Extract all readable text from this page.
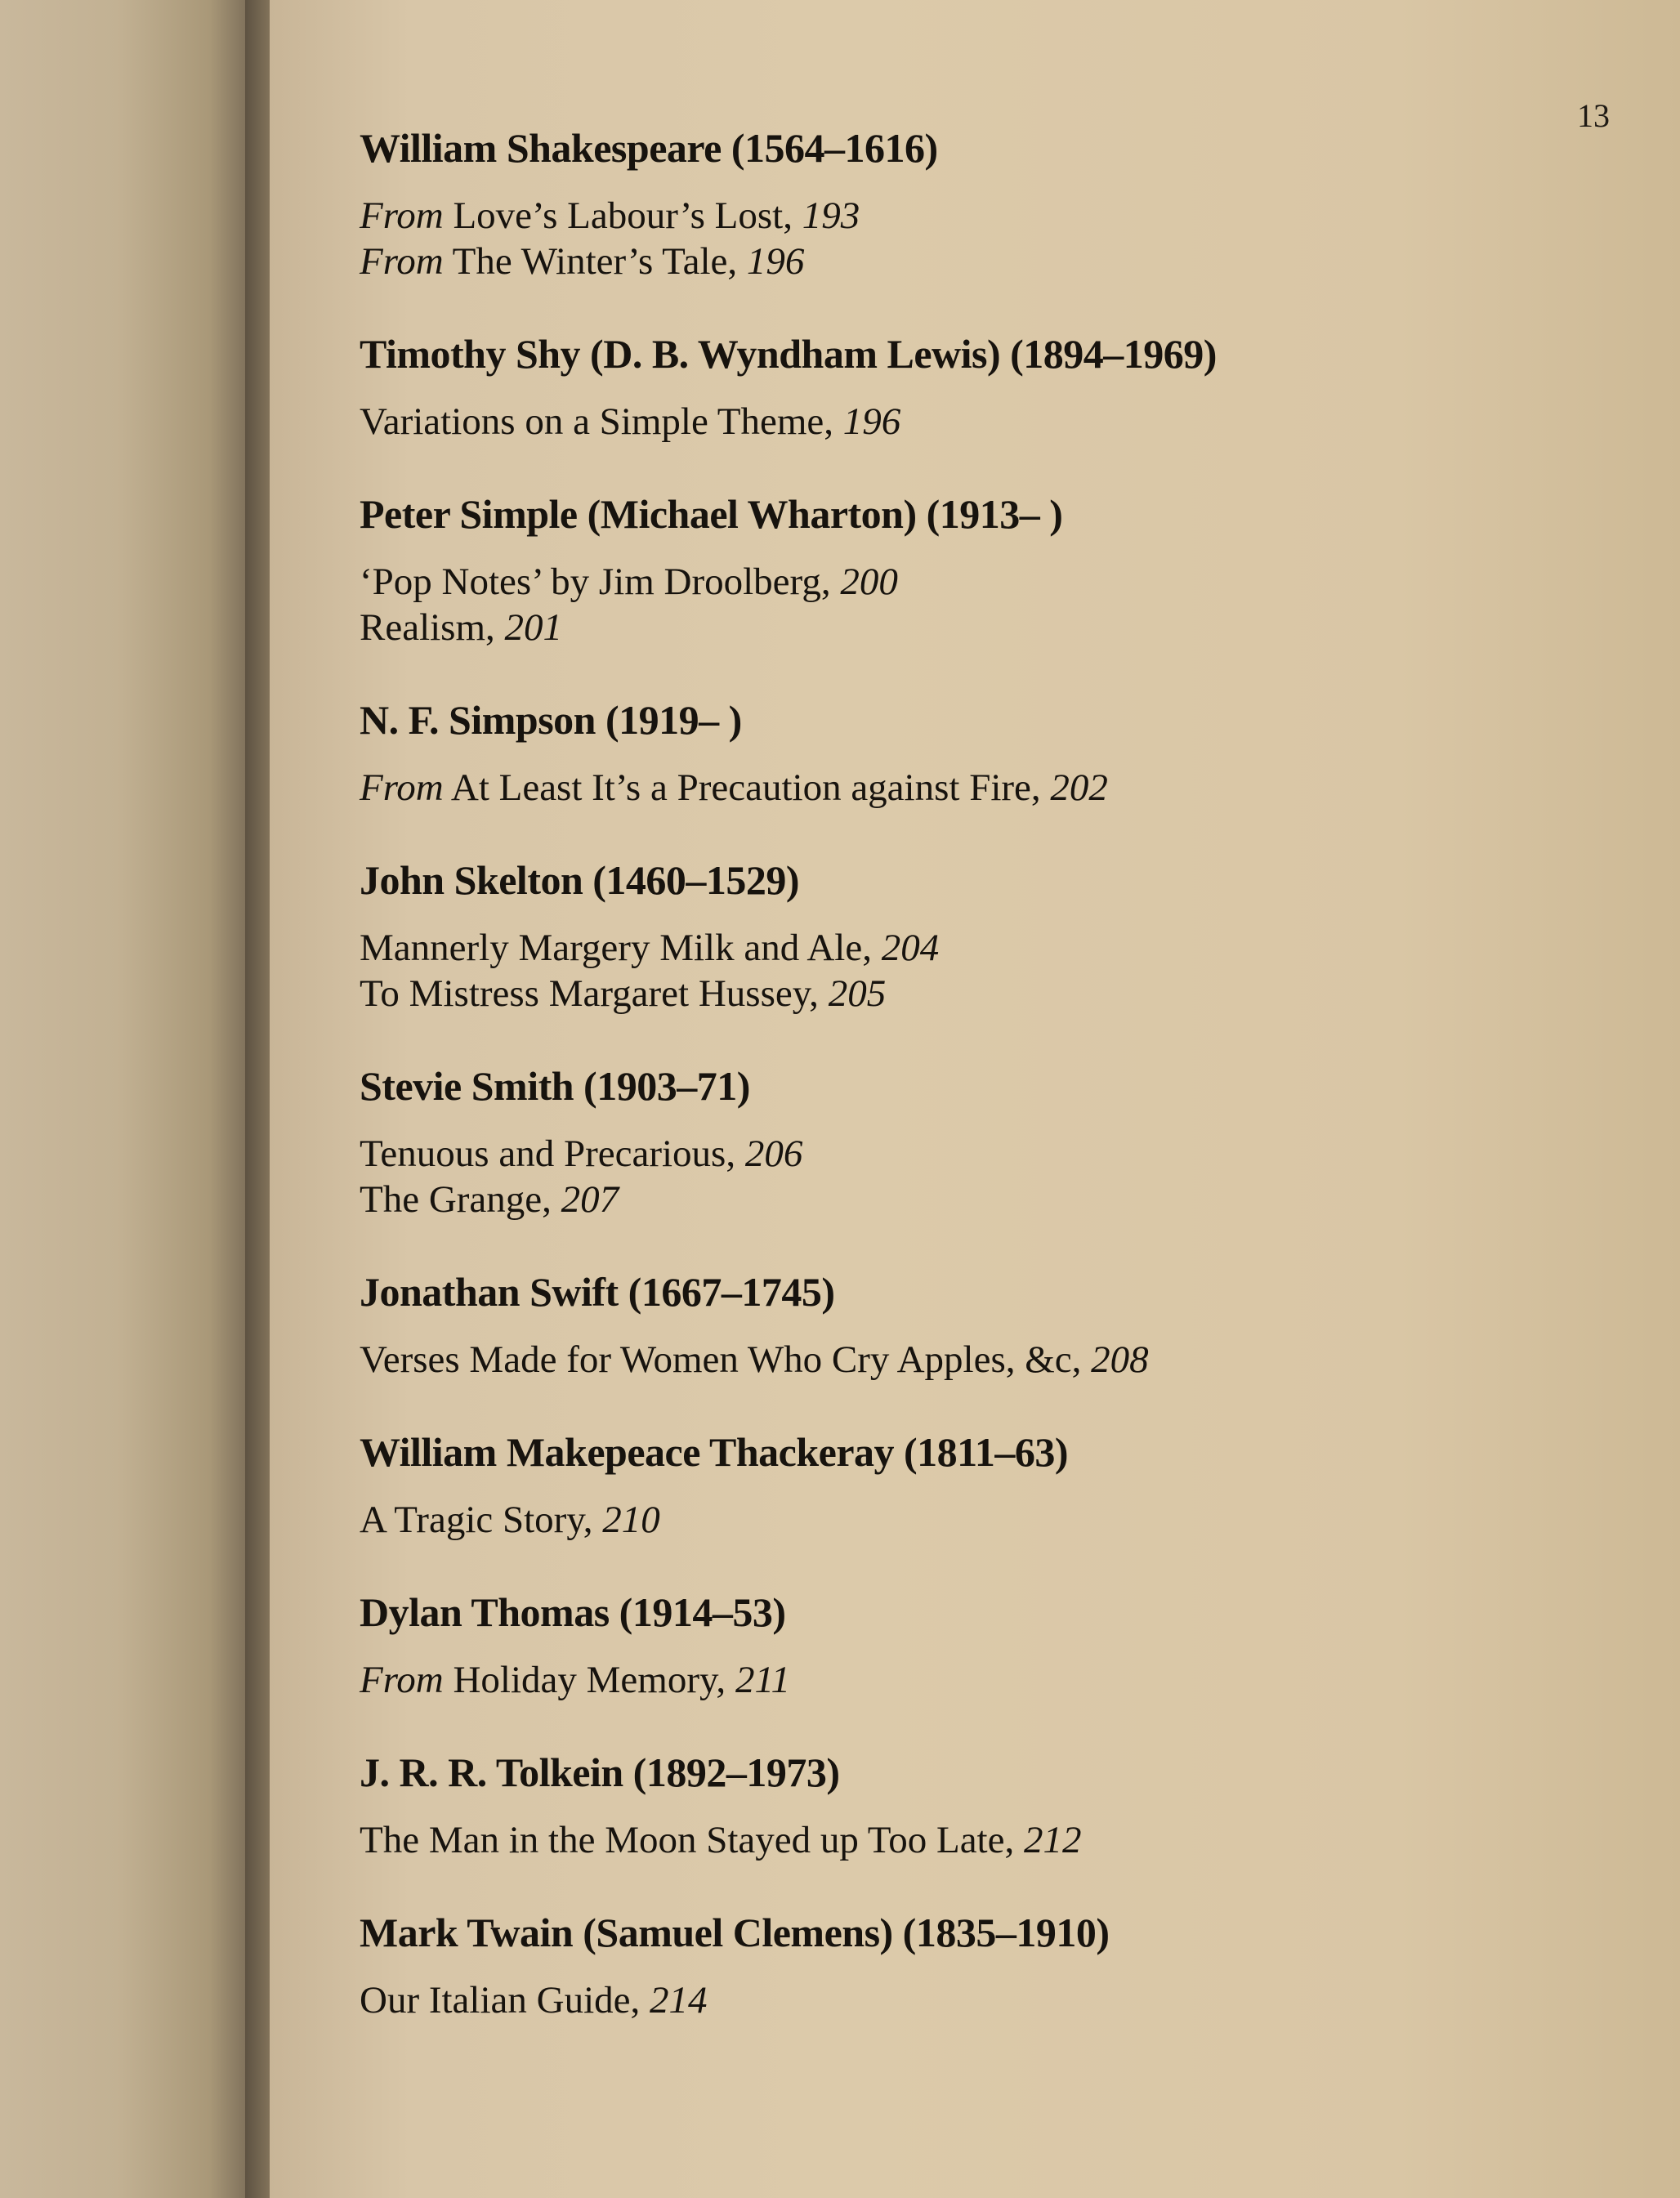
13
William Shakespeare (1564–1616)
From Love’s Labour’s Lost, 193
From The Winter’s Tale, 196
Timothy Shy (D. B. Wyndham Lewis) (1894–1969)
Variations on a Simple Theme, 196
Peter Simple (Michael Wharton) (1913– )
‘Pop Notes’ by Jim Droolberg, 200
Realism, 201
N. F. Simpson (1919– )
From At Least It’s a Precaution against Fire, 202
John Skelton (1460–1529)
Mannerly Margery Milk and Ale, 204
To Mistress Margaret Hussey, 205
Stevie Smith (1903–71)
Tenuous and Precarious, 206
The Grange, 207
Jonathan Swift (1667–1745)
Verses Made for Women Who Cry Apples, &c, 208
William Makepeace Thackeray (1811–63)
A Tragic Story, 210
Dylan Thomas (1914–53)
From Holiday Memory, 211
J. R. R. Tolkein (1892–1973)
The Man in the Moon Stayed up Too Late, 212
Mark Twain (Samuel Clemens) (1835–1910)
Our Italian Guide, 214
